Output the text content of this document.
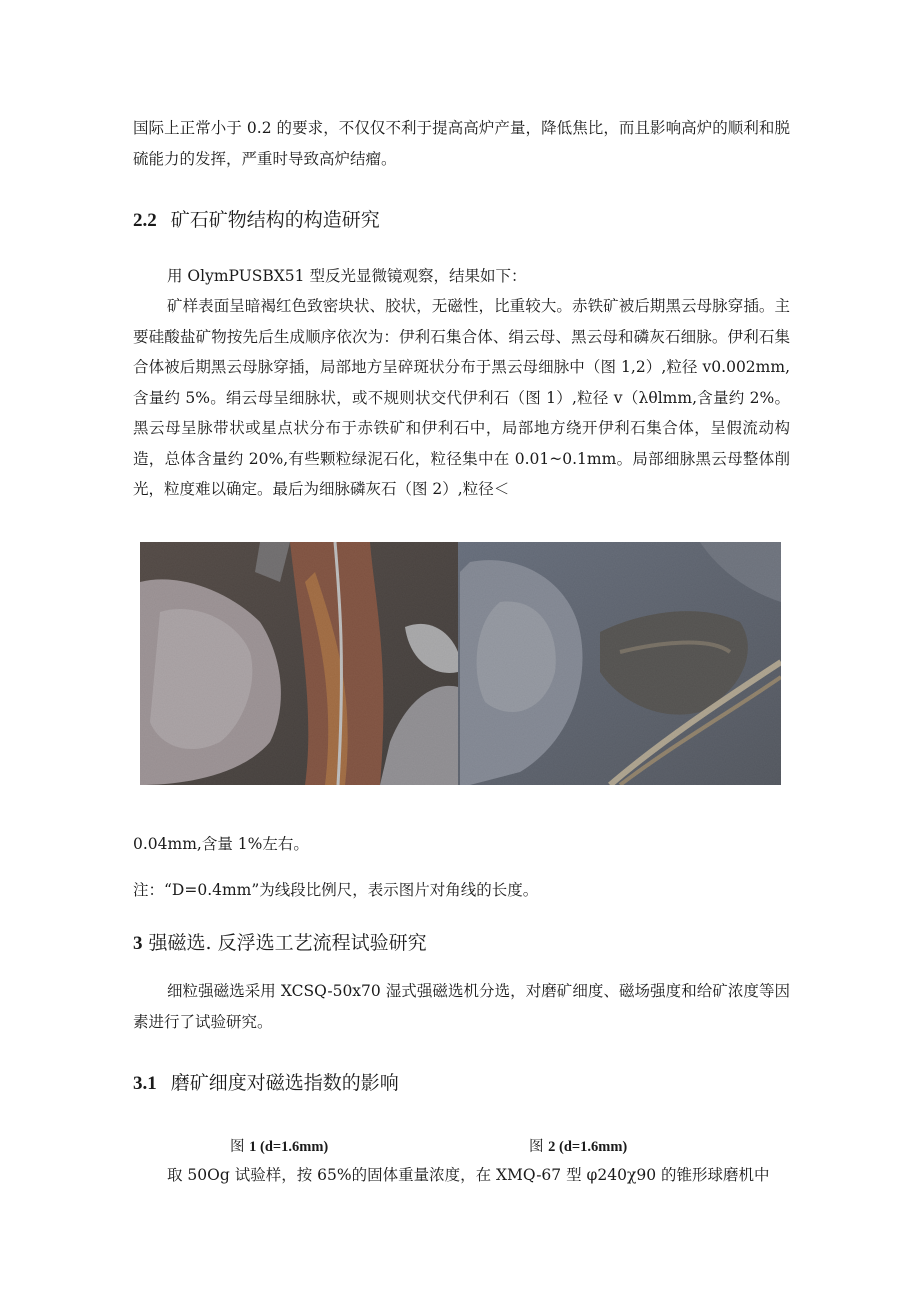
国际上正常小于 0.2 的要求，不仅仅不利于提高高炉产量，降低焦比，而且影响高炉的顺利和脱硫能力的发挥，严重时导致高炉结瘤。

2.2 矿石矿物结构的构造研究

用 OlymPUSBX51 型反光显微镜观察，结果如下：

矿样表面呈暗褐红色致密块状、胶状，无磁性，比重较大。赤铁矿被后期黑云母脉穿插。主要硅酸盐矿物按先后生成顺序依次为：伊利石集合体、绢云母、黑云母和磷灰石细脉。伊利石集合体被后期黑云母脉穿插，局部地方呈碎斑状分布于黑云母细脉中（图 1,2）,粒径 v0.002mm,含量约 5%。绢云母呈细脉状，或不规则状交代伊利石（图 1）,粒径 v（λθlmm,含量约 2%。黑云母呈脉带状或星点状分布于赤铁矿和伊利石中，局部地方绕开伊利石集合体，呈假流动构造，总体含量约 20%,有些颗粒绿泥石化，粒径集中在 0.01~0.1mm。局部细脉黑云母整体削光，粒度难以确定。最后为细脉磷灰石（图 2）,粒径＜

0.04mm,含量 1%左右。

注：“D=0.4mm”为线段比例尺，表示图片对角线的长度。

3 强磁选. 反浮选工艺流程试验研究

细粒强磁选采用 XCSQ-50x70 湿式强磁选机分选，对磨矿细度、磁场强度和给矿浓度等因素进行了试验研究。

3.1 磨矿细度对磁选指数的影响

图 1 (d=1.6mm)	图 2 (d=1.6mm)

取 50Og 试验样，按 65%的固体重量浓度，在 XMQ-67 型 φ240χ90 的锥形球磨机中
